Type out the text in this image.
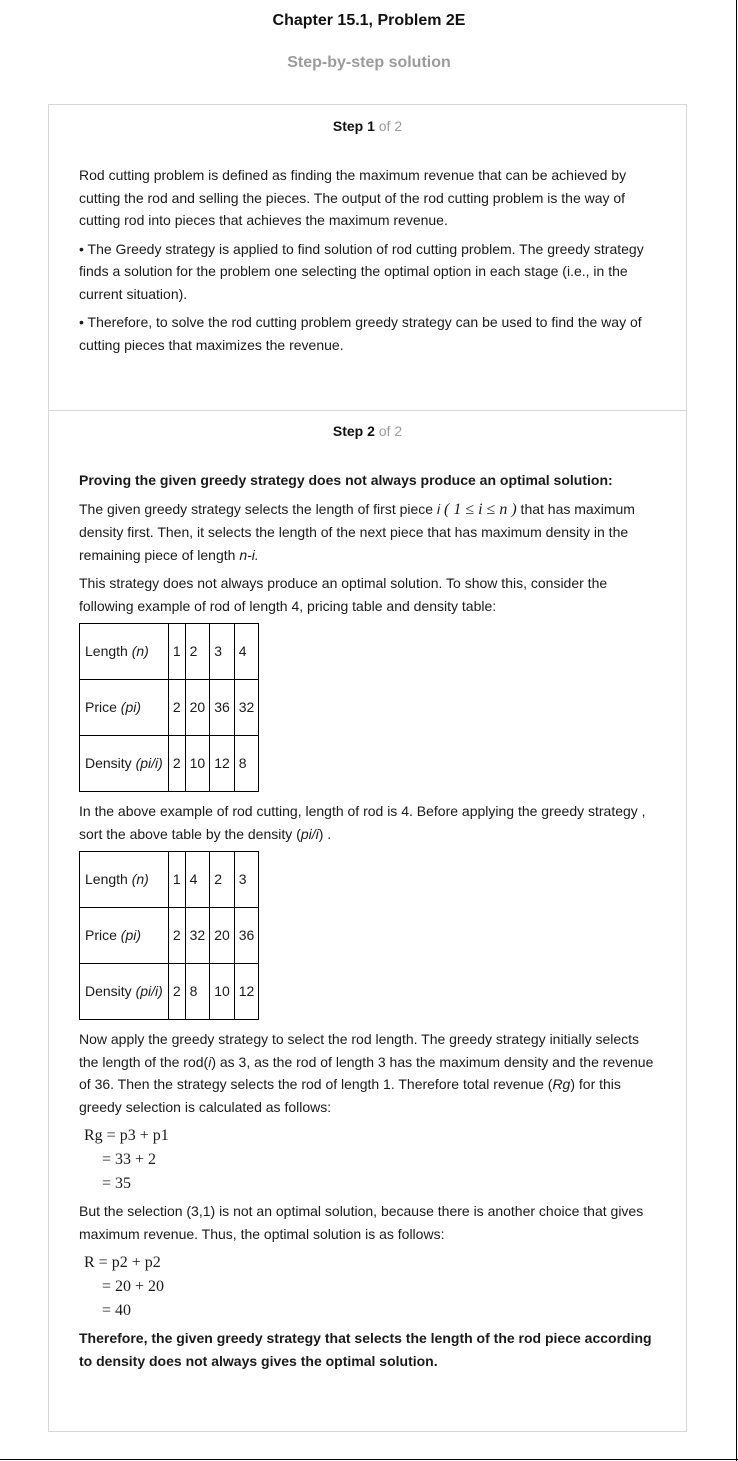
Chapter 15.1, Problem 2E
Step-by-step solution
Step 1 of 2

Rod cutting problem is defined as finding the maximum revenue that can be achieved by cutting the rod and selling the pieces. The output of the rod cutting problem is the way of cutting rod into pieces that achieves the maximum revenue.

• The Greedy strategy is applied to find solution of rod cutting problem. The greedy strategy finds a solution for the problem one selecting the optimal option in each stage (i.e., in the current situation).

• Therefore, to solve the rod cutting problem greedy strategy can be used to find the way of cutting pieces that maximizes the revenue.

Step 2 of 2

Proving the given greedy strategy does not always produce an optimal solution:

The given greedy strategy selects the length of first piece i ( 1 ≤ i ≤ n ) that has maximum density first. Then, it selects the length of the next piece that has maximum density in the remaining piece of length n-i.

This strategy does not always produce an optimal solution. To show this, consider the following example of rod of length 4, pricing table and density table:

Length (n)	1	2	3	4
Price (pi)	2	20	36	32
Density (pi/i)	2	10	12	8

In the above example of rod cutting, length of rod is 4. Before applying the greedy strategy , sort the above table by the density (pi/i) .

Length (n)	1	4	2	3
Price (pi)	2	32	20	36
Density (pi/i)	2	8	10	12

Now apply the greedy strategy to select the rod length. The greedy strategy initially selects the length of the rod(i) as 3, as the rod of length 3 has the maximum density and the revenue of 36. Then the strategy selects the rod of length 1. Therefore total revenue (Rg) for this greedy selection is calculated as follows:

Rg = p3 + p1
= 33 + 2
= 35

But the selection (3,1) is not an optimal solution, because there is another choice that gives maximum revenue. Thus, the optimal solution is as follows:

R = p2 + p2
= 20 + 20
= 40

Therefore, the given greedy strategy that selects the length of the rod piece according to density does not always gives the optimal solution.
